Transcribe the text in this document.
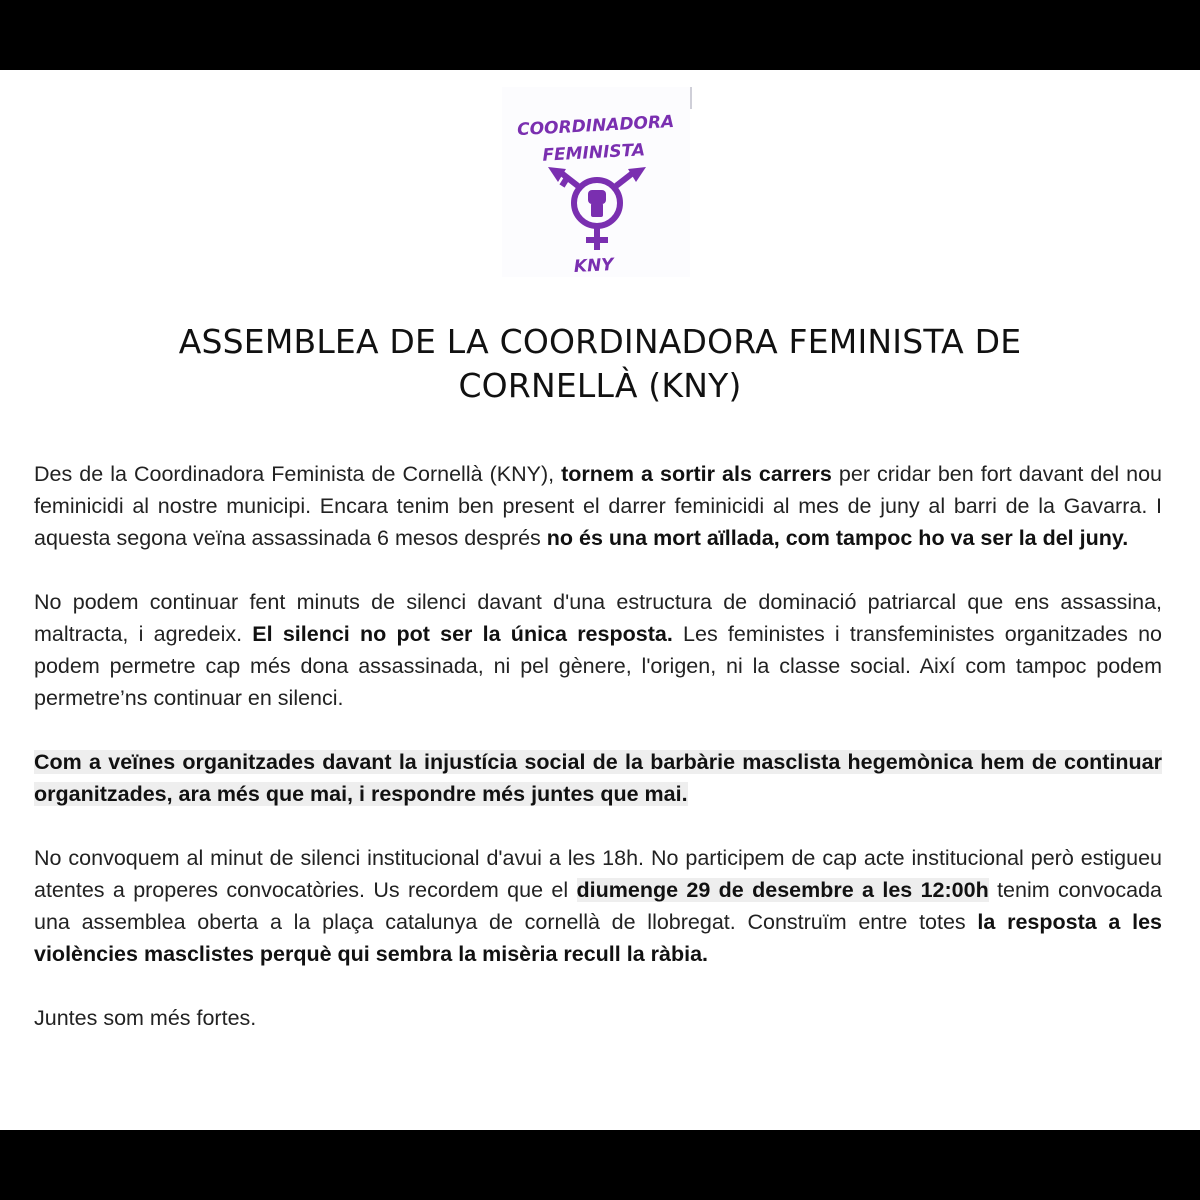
COORDINADORA
FEMINISTA
KNY
ASSEMBLEA DE LA COORDINADORA FEMINISTA DE
CORNELLÀ (KNY)

Des de la Coordinadora Feminista de Cornellà (KNY), tornem a sortir als carrers per cridar ben fort davant del nou feminicidi al nostre municipi. Encara tenim ben present el darrer feminicidi al mes de juny al barri de la Gavarra. I aquesta segona veïna assassinada 6 mesos després no és una mort aïllada, com tampoc ho va ser la del juny.

No podem continuar fent minuts de silenci davant d'una estructura de dominació patriarcal que ens assassina, maltracta, i agredeix. El silenci no pot ser la única resposta. Les feministes i transfeministes organitzades no podem permetre cap més dona assassinada, ni pel gènere, l'origen, ni la classe social. Així com tampoc podem permetre’ns continuar en silenci.

Com a veïnes organitzades davant la injustícia social de la barbàrie masclista hegemònica hem de continuar organitzades, ara més que mai, i respondre més juntes que mai.

No convoquem al minut de silenci institucional d'avui a les 18h. No participem de cap acte institucional però estigueu atentes a properes convocatòries. Us recordem que el diumenge 29 de desembre a les 12:00h tenim convocada una assemblea oberta a la plaça catalunya de cornellà de llobregat. Construïm entre totes la resposta a les violències masclistes perquè qui sembra la misèria recull la ràbia.

Juntes som més fortes.
